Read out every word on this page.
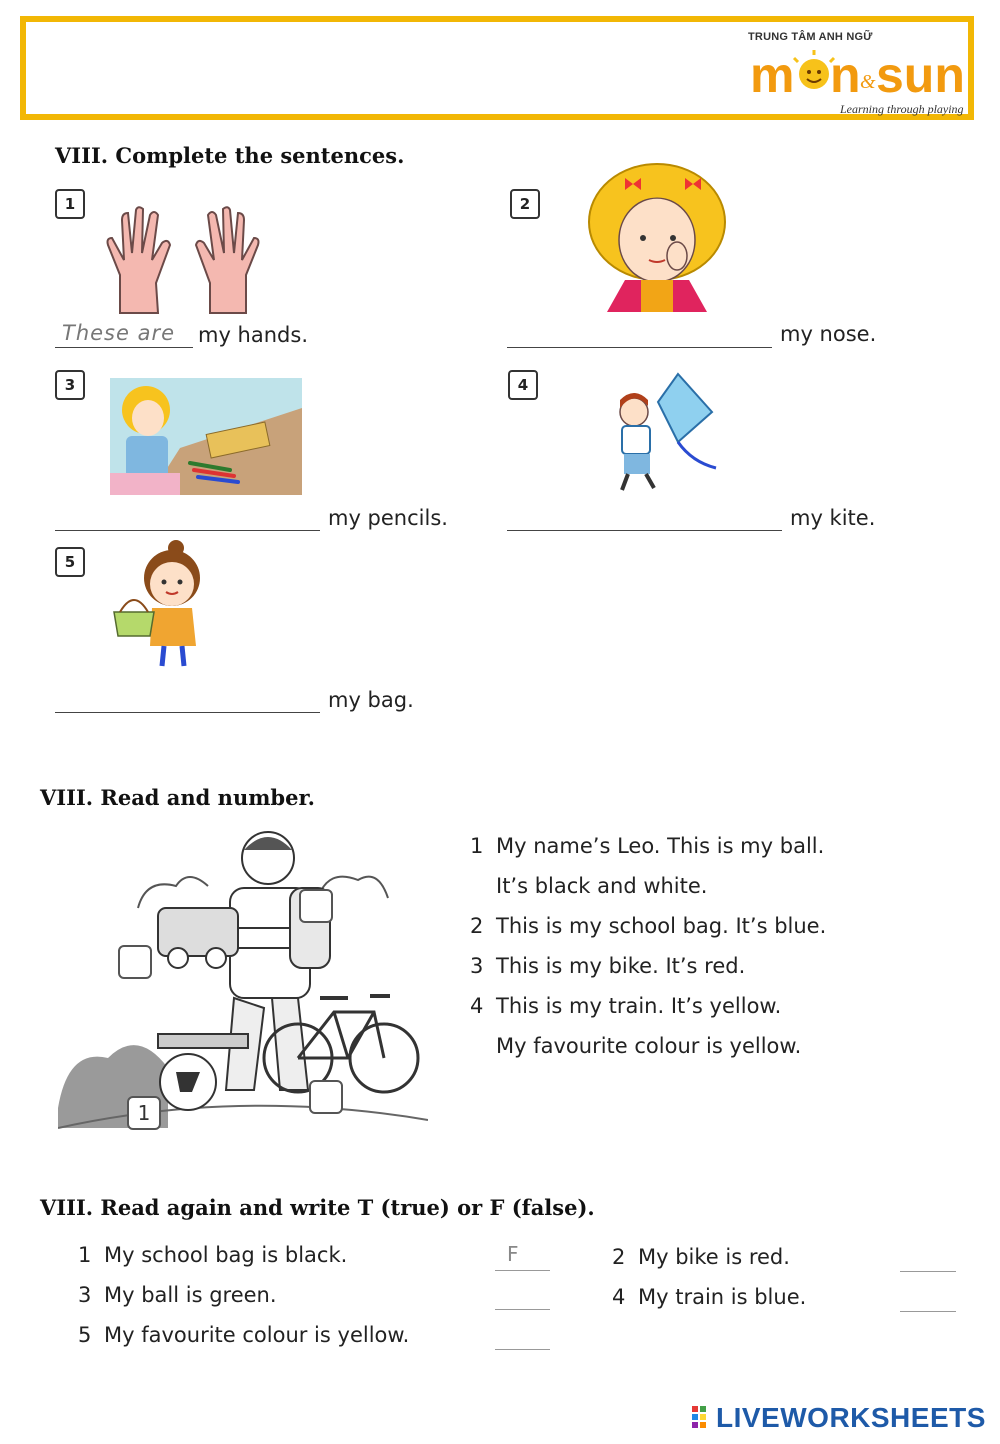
TRUNG TÂM ANH NGỮ
m n & sun
Learning through playing
VIII. Complete the sentences.
1
These are my hands.
2
my nose.
3
my pencils.
4
my kite.
5
my bag.
VIII. Read and number.
1
1 My name’s Leo. This is my ball.
It’s black and white.
2 This is my school bag. It’s blue.
3 This is my bike. It’s red.
4 This is my train. It’s yellow.
My favourite colour is yellow.
VIII. Read again and write T (true) or F (false).
1 My school bag is black.	F	2 My bike is red.
3 My ball is green.	4 My train is blue.
5 My favourite colour is yellow.
LIVEWORKSHEETS
